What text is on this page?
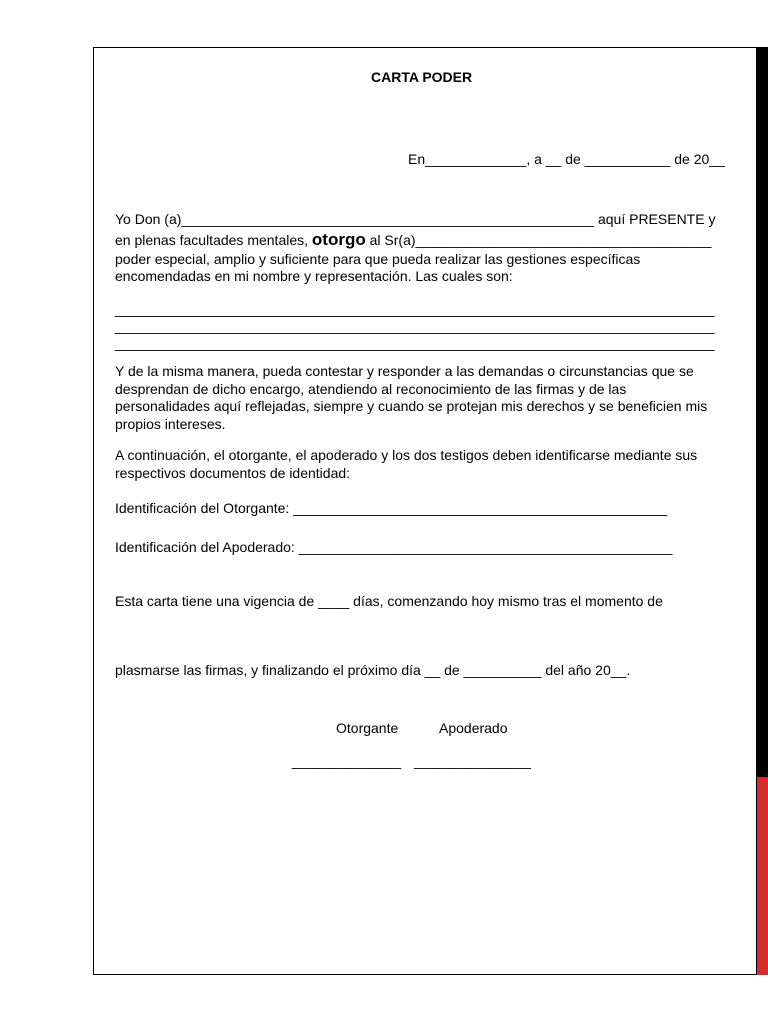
CARTA PODER
En_____________, a __ de ___________ de 20__
Yo Don (a)_____________________________________________________ aquí PRESENTE y
en plenas facultades mentales, otorgo al Sr(a)______________________________________
poder especial, amplio y suficiente para que pueda realizar las gestiones específicas
encomendadas en mi nombre y representación. Las cuales son:
_____________________________________________________________________________
_____________________________________________________________________________
_____________________________________________________________________________
Y de la misma manera, pueda contestar y responder a las demandas o circunstancias que se desprendan de dicho encargo, atendiendo al reconocimiento de las firmas y de las personalidades aquí reflejadas, siempre y cuando se protejan mis derechos y se beneficien mis propios intereses.
A continuación, el otorgante, el apoderado y los dos testigos deben identificarse mediante sus respectivos documentos de identidad:
Identificación del Otorgante: ________________________________________________
Identificación del Apoderado: ________________________________________________
Esta carta tiene una vigencia de ____ días, comenzando hoy mismo tras el momento de
plasmarse las firmas, y finalizando el próximo día __ de __________ del año 20__.
Otorgante	Apoderado
______________ _______________
